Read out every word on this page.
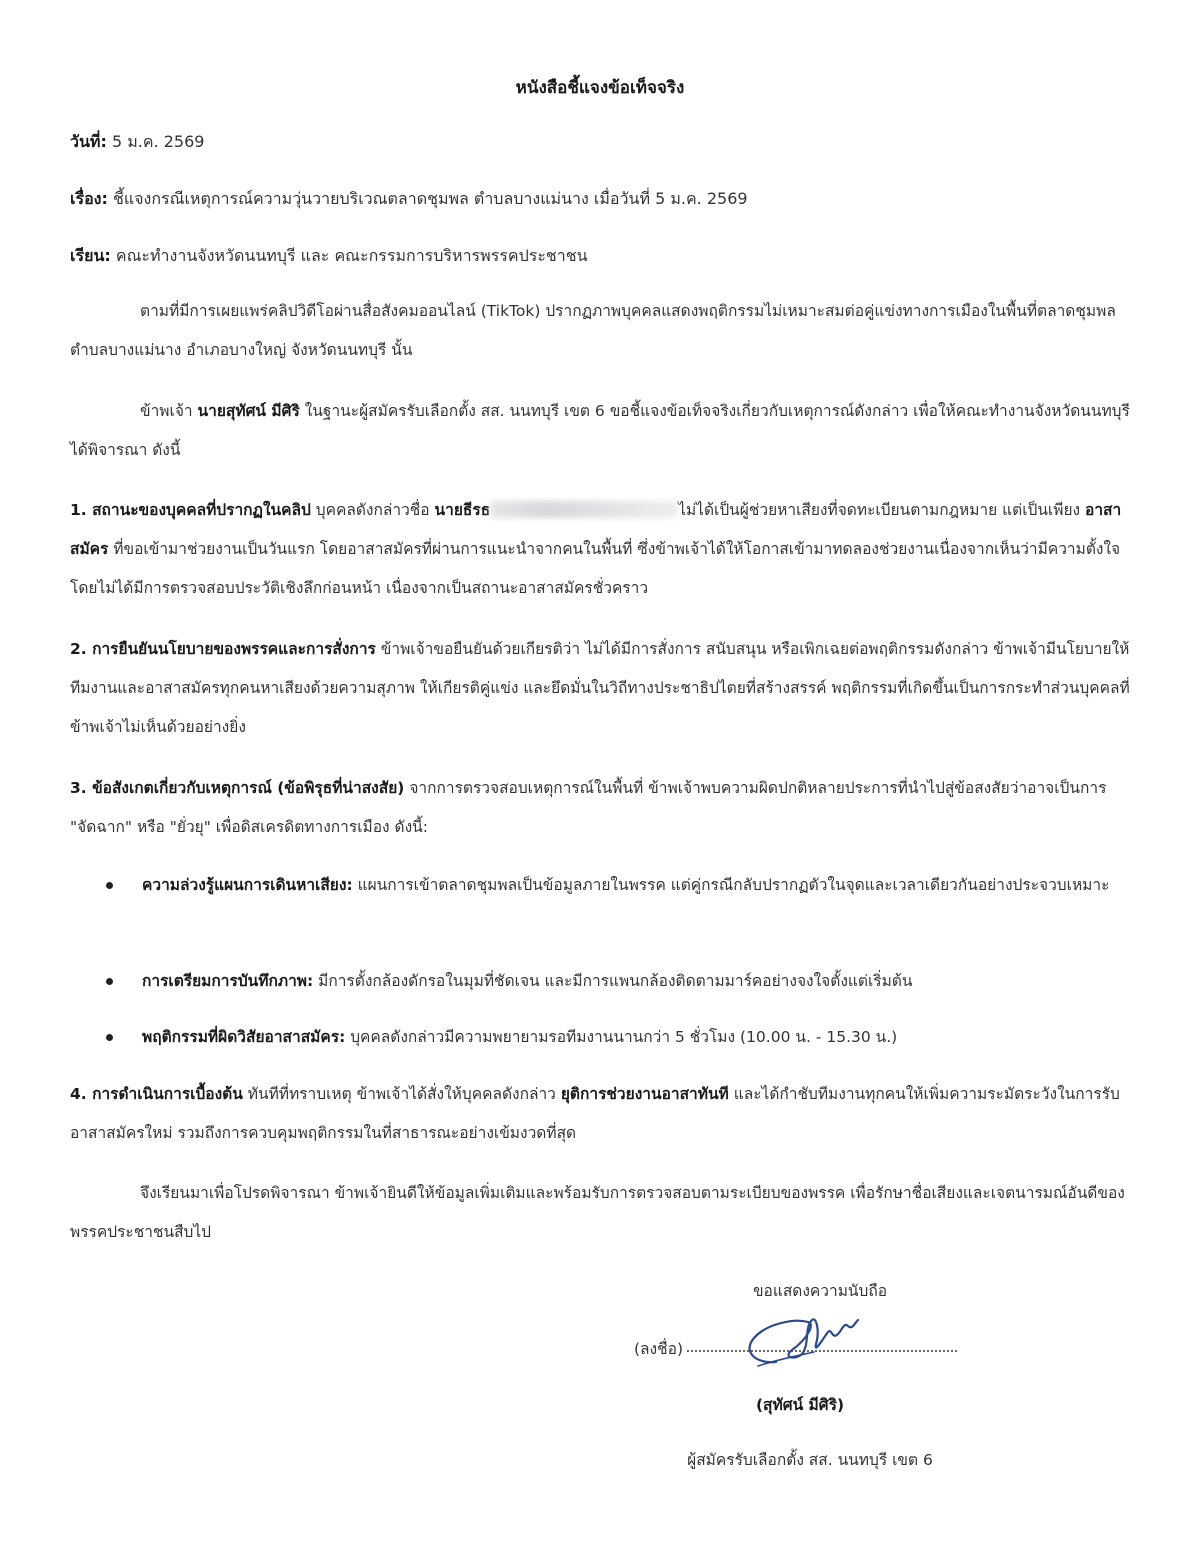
หนังสือชี้แจงข้อเท็จจริง
วันที่: 5 ม.ค. 2569
เรื่อง: ชี้แจงกรณีเหตุการณ์ความวุ่นวายบริเวณตลาดชุมพล ตำบลบางแม่นาง เมื่อวันที่ 5 ม.ค. 2569
เรียน: คณะทำงานจังหวัดนนทบุรี และ คณะกรรมการบริหารพรรคประชาชน
ตามที่มีการเผยแพร่คลิปวิดีโอผ่านสื่อสังคมออนไลน์ (TikTok) ปรากฏภาพบุคคลแสดงพฤติกรรมไม่เหมาะสมต่อคู่แข่งทางการเมืองในพื้นที่ตลาดชุมพล ตำบลบางแม่นาง อำเภอบางใหญ่ จังหวัดนนทบุรี นั้น
ข้าพเจ้า นายสุทัศน์ มีศิริ ในฐานะผู้สมัครรับเลือกตั้ง สส. นนทบุรี เขต 6 ขอชี้แจงข้อเท็จจริงเกี่ยวกับเหตุการณ์ดังกล่าว เพื่อให้คณะทำงานจังหวัดนนทบุรี ได้พิจารณา ดังนี้
1. สถานะของบุคคลที่ปรากฏในคลิป บุคคลดังกล่าวชื่อ นายธีรธ	ไม่ได้เป็นผู้ช่วยหาเสียงที่จดทะเบียนตามกฎหมาย แต่เป็นเพียง อาสาสมัคร ที่ขอเข้ามาช่วยงานเป็นวันแรก โดยอาสาสมัครที่ผ่านการแนะนำจากคนในพื้นที่ ซึ่งข้าพเจ้าได้ให้โอกาสเข้ามาทดลองช่วยงานเนื่องจากเห็นว่ามีความตั้งใจ โดยไม่ได้มีการตรวจสอบประวัติเชิงลึกก่อนหน้า เนื่องจากเป็นสถานะอาสาสมัครชั่วคราว
2. การยืนยันนโยบายของพรรคและการสั่งการ ข้าพเจ้าขอยืนยันด้วยเกียรติว่า ไม่ได้มีการสั่งการ สนับสนุน หรือเพิกเฉยต่อพฤติกรรมดังกล่าว ข้าพเจ้ามีนโยบายให้ทีมงานและอาสาสมัครทุกคนหาเสียงด้วยความสุภาพ ให้เกียรติคู่แข่ง และยึดมั่นในวิถีทางประชาธิปไตยที่สร้างสรรค์ พฤติกรรมที่เกิดขึ้นเป็นการกระทำส่วนบุคคลที่ข้าพเจ้าไม่เห็นด้วยอย่างยิ่ง
3. ข้อสังเกตเกี่ยวกับเหตุการณ์ (ข้อพิรุธที่น่าสงสัย) จากการตรวจสอบเหตุการณ์ในพื้นที่ ข้าพเจ้าพบความผิดปกติหลายประการที่นำไปสู่ข้อสงสัยว่าอาจเป็นการ "จัดฉาก" หรือ "ยั่วยุ" เพื่อดิสเครดิตทางการเมือง ดังนี้:
ความล่วงรู้แผนการเดินหาเสียง: แผนการเข้าตลาดชุมพลเป็นข้อมูลภายในพรรค แต่คู่กรณีกลับปรากฏตัวในจุดและเวลาเดียวกันอย่างประจวบเหมาะ
การเตรียมการบันทึกภาพ: มีการตั้งกล้องดักรอในมุมที่ชัดเจน และมีการแพนกล้องติดตามมาร์คอย่างจงใจตั้งแต่เริ่มต้น
พฤติกรรมที่ผิดวิสัยอาสาสมัคร: บุคคลดังกล่าวมีความพยายามรอทีมงานนานกว่า 5 ชั่วโมง (10.00 น. - 15.30 น.)
4. การดำเนินการเบื้องต้น ทันทีที่ทราบเหตุ ข้าพเจ้าได้สั่งให้บุคคลดังกล่าว ยุติการช่วยงานอาสาทันที และได้กำชับทีมงานทุกคนให้เพิ่มความระมัดระวังในการรับอาสาสมัครใหม่ รวมถึงการควบคุมพฤติกรรมในที่สาธารณะอย่างเข้มงวดที่สุด
จึงเรียนมาเพื่อโปรดพิจารณา ข้าพเจ้ายินดีให้ข้อมูลเพิ่มเติมและพร้อมรับการตรวจสอบตามระเบียบของพรรค เพื่อรักษาชื่อเสียงและเจตนารมณ์อันดีของพรรคประชาชนสืบไป
ขอแสดงความนับถือ
(ลงชื่อ)
(สุทัศน์ มีศิริ)
ผู้สมัครรับเลือกตั้ง สส. นนทบุรี เขต 6
